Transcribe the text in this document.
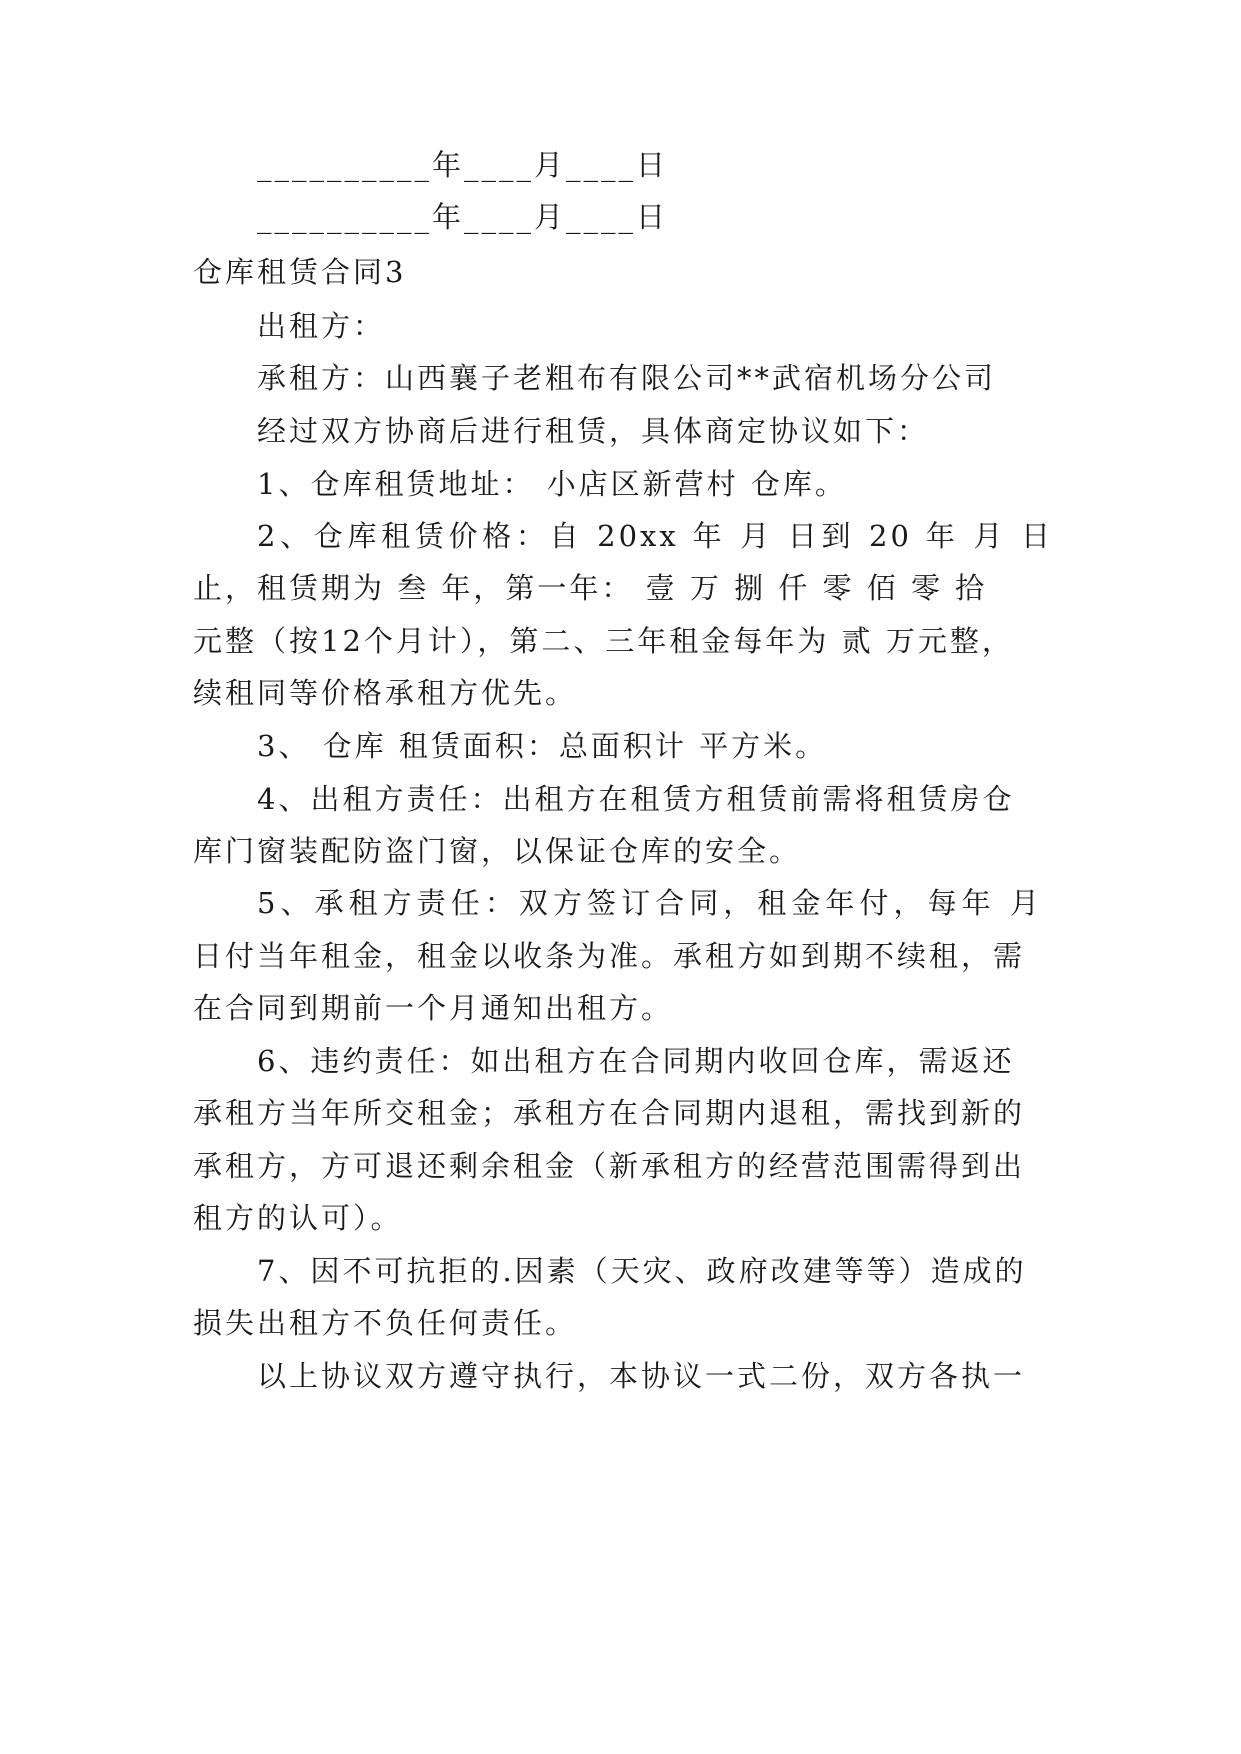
__________年____月____日
__________年____月____日
仓库租赁合同3
出租方：
承租方：山西襄子老粗布有限公司**武宿机场分公司
经过双方协商后进行租赁，具体商定协议如下：
1、仓库租赁地址： 小店区新营村 仓库。
2、仓库租赁价格：自 20xx 年 月 日到 20 年 月 日
止，租赁期为 叁 年，第一年： 壹 万 捌 仟 零 佰 零 拾
元整（按12个月计），第二、三年租金每年为 贰 万元整，
续租同等价格承租方优先。
3、 仓库 租赁面积：总面积计 平方米。
4、出租方责任：出租方在租赁方租赁前需将租赁房仓
库门窗装配防盗门窗，以保证仓库的安全。
5、承租方责任：双方签订合同，租金年付，每年 月
日付当年租金，租金以收条为准。承租方如到期不续租，需
在合同到期前一个月通知出租方。
6、违约责任：如出租方在合同期内收回仓库，需返还
承租方当年所交租金；承租方在合同期内退租，需找到新的
承租方，方可退还剩余租金（新承租方的经营范围需得到出
租方的认可）。
7、因不可抗拒的.因素（天灾、政府改建等等）造成的
损失出租方不负任何责任。
以上协议双方遵守执行，本协议一式二份，双方各执一
